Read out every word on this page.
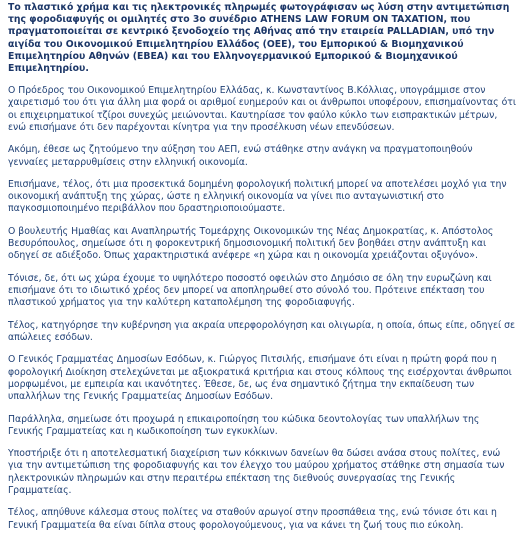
Το πλαστικό χρήμα και τις ηλεκτρονικές πληρωμές φωτογράφισαν ως λύση στην αντιμετώπιση της φοροδιαφυγής οι ομιλητές στο 3ο συνέδριο ATHENS LAW FORUM ON TAXATION, που πραγματοποιείται σε κεντρικό ξενοδοχείο της Αθήνας από την εταιρεία PALLADIAN, υπό την αιγίδα του Οικονομικού Επιμελητηρίου Ελλάδος (ΟΕΕ), του Εμπορικού & Βιομηχανικού Επιμελητηρίου Αθηνών (ΕΒΕΑ) και του Ελληνογερμανικού Εμπορικού & Βιομηχανικού Επιμελητηρίου.

Ο Πρόεδρος του Οικονομικού Επιμελητηρίου Ελλάδας, κ. Κωνσταντίνος Β.Κόλλιας, υπογράμμισε στον χαιρετισμό του ότι για άλλη μια φορά οι αριθμοί ευημερούν και οι άνθρωποι υποφέρουν, επισημαίνοντας ότι οι επιχειρηματικοί τζίροι συνεχώς μειώνονται. Καυτηρίασε τον φαύλο κύκλο των εισπρακτικών μέτρων, ενώ επισήμανε ότι δεν παρέχονται κίνητρα για την προσέλκυση νέων επενδύσεων.

Ακόμη, έθεσε ως ζητούμενο την αύξηση του ΑΕΠ, ενώ στάθηκε στην ανάγκη να πραγματοποιηθούν γενναίες μεταρρυθμίσεις στην ελληνική οικονομία.

Επισήμανε, τέλος, ότι μια προσεκτικά δομημένη φορολογική πολιτική μπορεί να αποτελέσει μοχλό για την οικονομική ανάπτυξη της χώρας, ώστε η ελληνική οικονομία να γίνει πιο ανταγωνιστική στο παγκοσμιοποιημένο περιβάλλον που δραστηριοποιούμαστε.

Ο βουλευτής Ημαθίας και Αναπληρωτής Τομεάρχης Οικονομικών της Νέας Δημοκρατίας, κ. Απόστολος Βεσυρόπουλος, σημείωσε ότι η φοροκεντρική δημοσιονομική πολιτική δεν βοηθάει στην ανάπτυξη και οδηγεί σε αδιέξοδο. Όπως χαρακτηριστικά ανέφερε «η χώρα και η οικονομία χρειάζονται οξυγόνο».

Τόνισε, δε, ότι ως χώρα έχουμε το υψηλότερο ποσοστό οφειλών στο Δημόσιο σε όλη την ευρωζώνη και επισήμανε ότι το ιδιωτικό χρέος δεν μπορεί να αποπληρωθεί στο σύνολό του. Πρότεινε επέκταση του πλαστικού χρήματος για την καλύτερη καταπολέμηση της φοροδιαφυγής.

Τέλος, κατηγόρησε την κυβέρνηση για ακραία υπερφορολόγηση και ολιγωρία, η οποία, όπως είπε, οδηγεί σε απώλειες εσόδων.

Ο Γενικός Γραμματέας Δημοσίων Εσόδων, κ. Γιώργος Πιτσιλής, επισήμανε ότι είναι η πρώτη φορά που η φορολογική Διοίκηση στελεχώνεται με αξιοκρατικά κριτήρια και στους κόλπους της εισέρχονται άνθρωποι μορφωμένοι, με εμπειρία και ικανότητες. Έθεσε, δε, ως ένα σημαντικό ζήτημα την εκπαίδευση των υπαλλήλων της Γενικής Γραμματείας Δημοσίων Εσόδων.

Παράλληλα, σημείωσε ότι προχωρά η επικαιροποίηση του κώδικα δεοντολογίας των υπαλλήλων της Γενικής Γραμματείας και η κωδικοποίηση των εγκυκλίων.

Υποστήριξε ότι η αποτελεσματική διαχείριση των κόκκινων δανείων θα δώσει ανάσα στους πολίτες, ενώ για την αντιμετώπιση της φοροδιαφυγής και τον έλεγχο του μαύρου χρήματος στάθηκε στη σημασία των ηλεκτρονικών πληρωμών και στην περαιτέρω επέκταση της διεθνούς συνεργασίας της Γενικής Γραμματείας.

Τέλος, απηύθυνε κάλεσμα στους πολίτες να σταθούν αρωγοί στην προσπάθεια της, ενώ τόνισε ότι και η Γενική Γραμματεία θα είναι δίπλα στους φορολογούμενους, για να κάνει τη ζωή τους πιο εύκολη.
